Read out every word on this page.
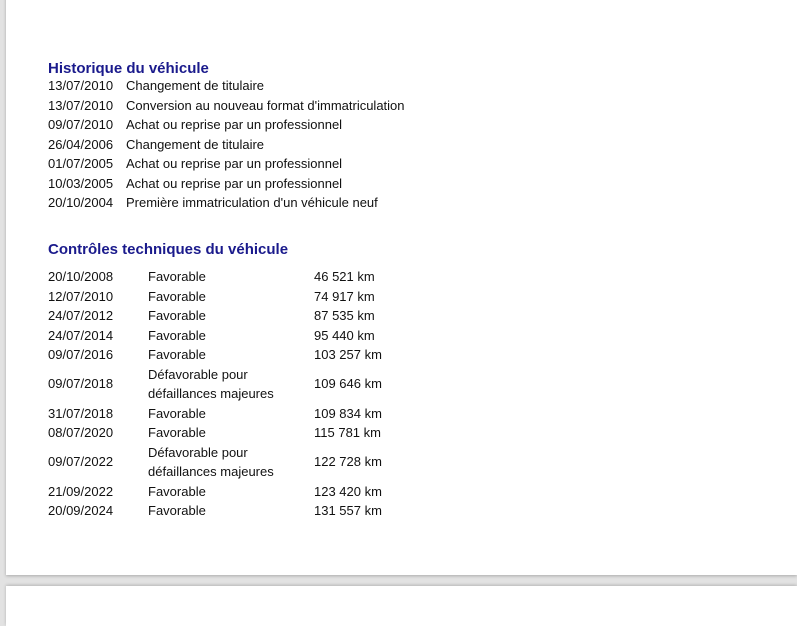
Historique du véhicule
13/07/2010 Changement de titulaire
13/07/2010 Conversion au nouveau format d'immatriculation
09/07/2010 Achat ou reprise par un professionnel
26/04/2006 Changement de titulaire
01/07/2005 Achat ou reprise par un professionnel
10/03/2005 Achat ou reprise par un professionnel
20/10/2004 Première immatriculation d'un véhicule neuf
Contrôles techniques du véhicule
20/10/2008	Favorable	46 521 km
12/07/2010	Favorable	74 917 km
24/07/2012	Favorable	87 535 km
24/07/2014	Favorable	95 440 km
09/07/2016	Favorable	103 257 km
09/07/2018	Défavorable pour
défaillances majeures	109 646 km
31/07/2018	Favorable	109 834 km
08/07/2020	Favorable	115 781 km
09/07/2022	Défavorable pour
défaillances majeures	122 728 km
21/09/2022	Favorable	123 420 km
20/09/2024	Favorable	131 557 km
